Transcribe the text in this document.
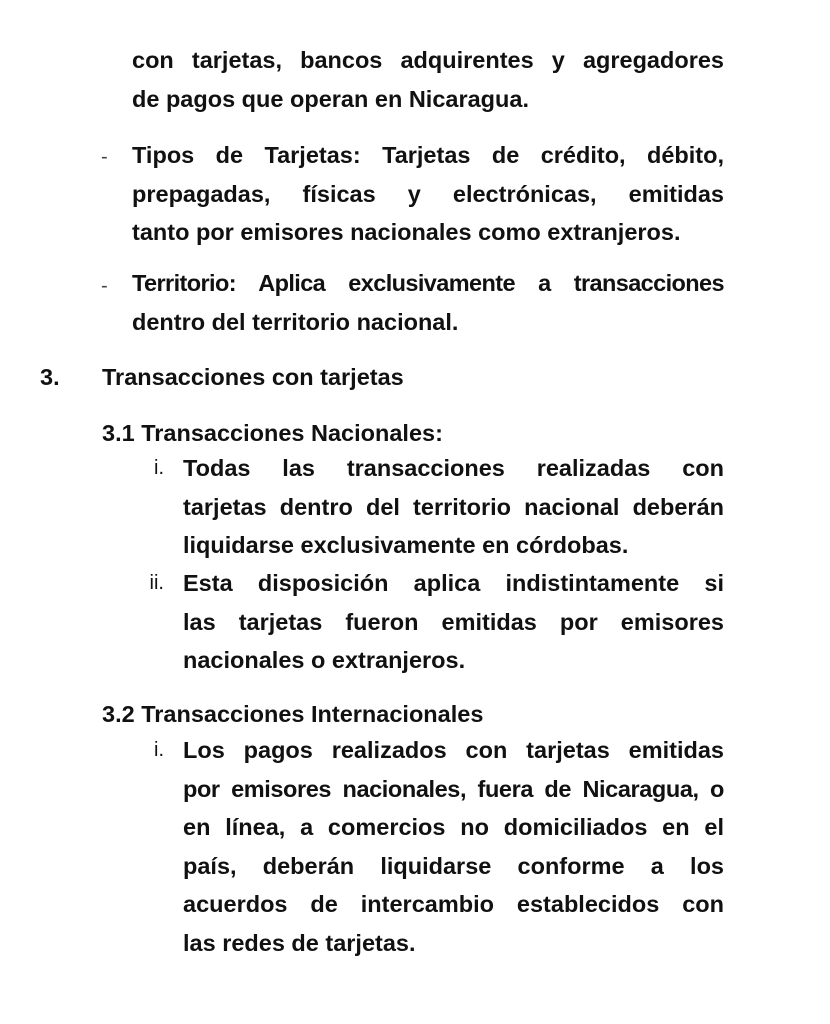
con tarjetas, bancos adquirentes y agregadores
de pagos que operan en Nicaragua.

- Tipos de Tarjetas: Tarjetas de crédito, débito,
prepagadas, físicas y electrónicas, emitidas
tanto por emisores nacionales como extranjeros.

- Territorio: Aplica exclusivamente a transacciones
dentro del territorio nacional.

3. Transacciones con tarjetas
3.1 Transacciones Nacionales:
i. Todas las transacciones realizadas con
tarjetas dentro del territorio nacional deberán
liquidarse exclusivamente en córdobas.

ii. Esta disposición aplica indistintamente si
las tarjetas fueron emitidas por emisores
nacionales o extranjeros.

3.2 Transacciones Internacionales
i. Los pagos realizados con tarjetas emitidas
por emisores nacionales, fuera de Nicaragua, o
en línea, a comercios no domiciliados en el
país, deberán liquidarse conforme a los
acuerdos de intercambio establecidos con
las redes de tarjetas.
